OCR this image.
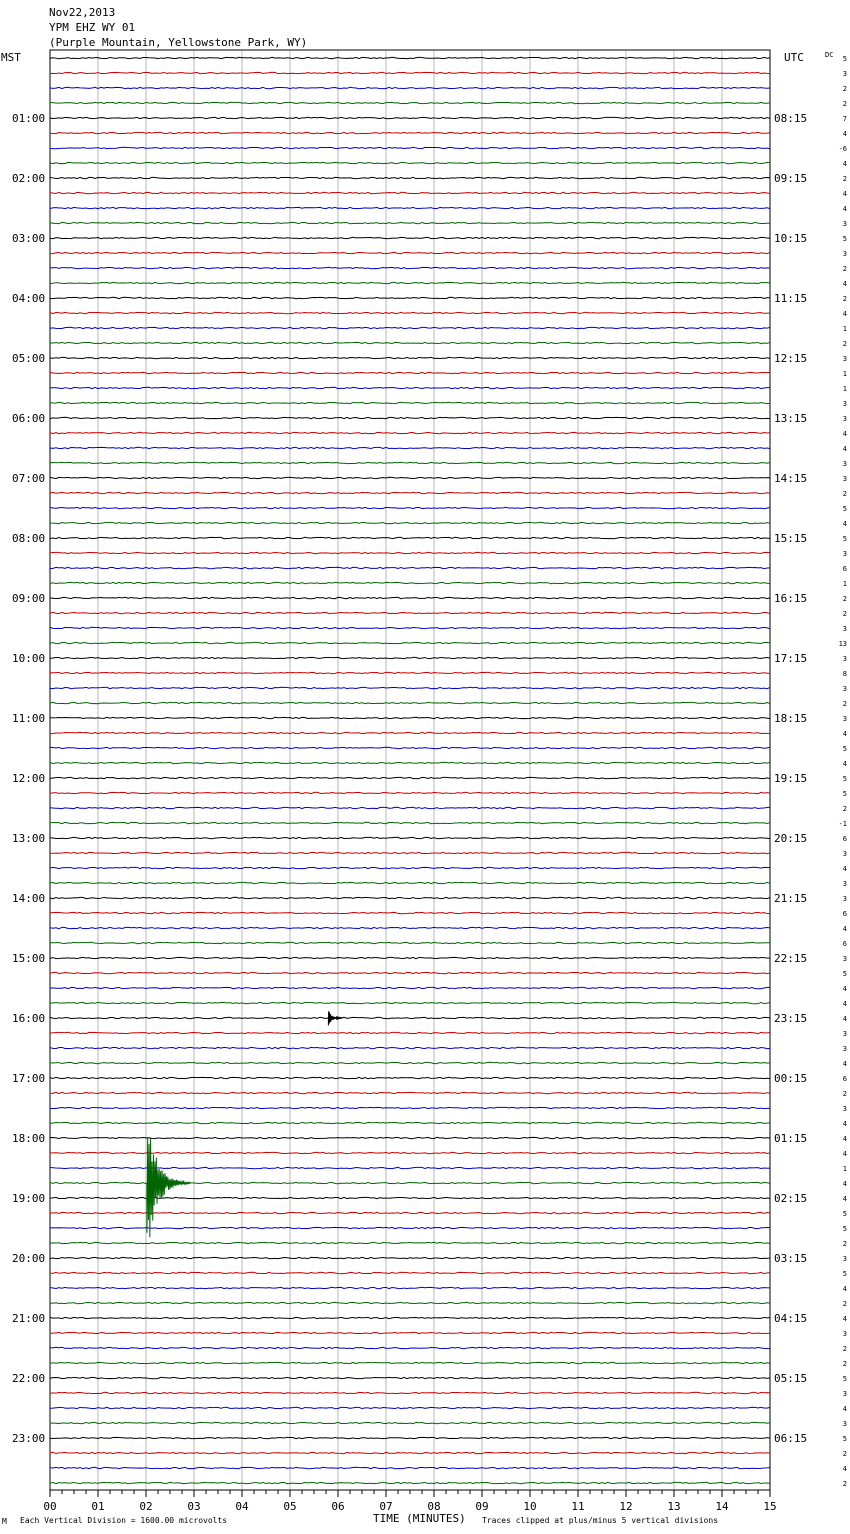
Nov22,2013
YPM EHZ WY 01
(Purple Mountain, Yellowstone Park, WY)
MST	UTC	DC
01:00
02:00
03:00
04:00
05:00
06:00
07:00
08:00
09:00
10:00
11:00
12:00
13:00
14:00
15:00
16:00
17:00
18:00
19:00
20:00
21:00
22:00
23:00
08:15
09:15
10:15
11:15
12:15
13:15
14:15
15:15
16:15
17:15
18:15
19:15
20:15
21:15
22:15
23:15
00:15
01:15
02:15
03:15
04:15
05:15
06:15
5
3
2
2
7
4
-6
4
2
4
4
3
5
3
2
4
2
4
1
2
3
1
1
3
3
4
4
3
3
2
5
4
5
3
6
1
2
2
3
13
3
8
3
2
3
4
5
4
5
5
2
-1
6
3
4
3
3
6
4
6
3
5
4
4
4
3
3
4
6
2
3
4
4
4
1
4
4
5
5
2
3
5
4
2
4
3
2
2
5
3
4
3
5
2
4
2
00	01	02	03	04	05	06	07	08	09	10	11	12	13	14	15
M Each Vertical Division = 1600.00 microvolts	TIME (MINUTES) Traces clipped at plus/minus 5 vertical divisions
